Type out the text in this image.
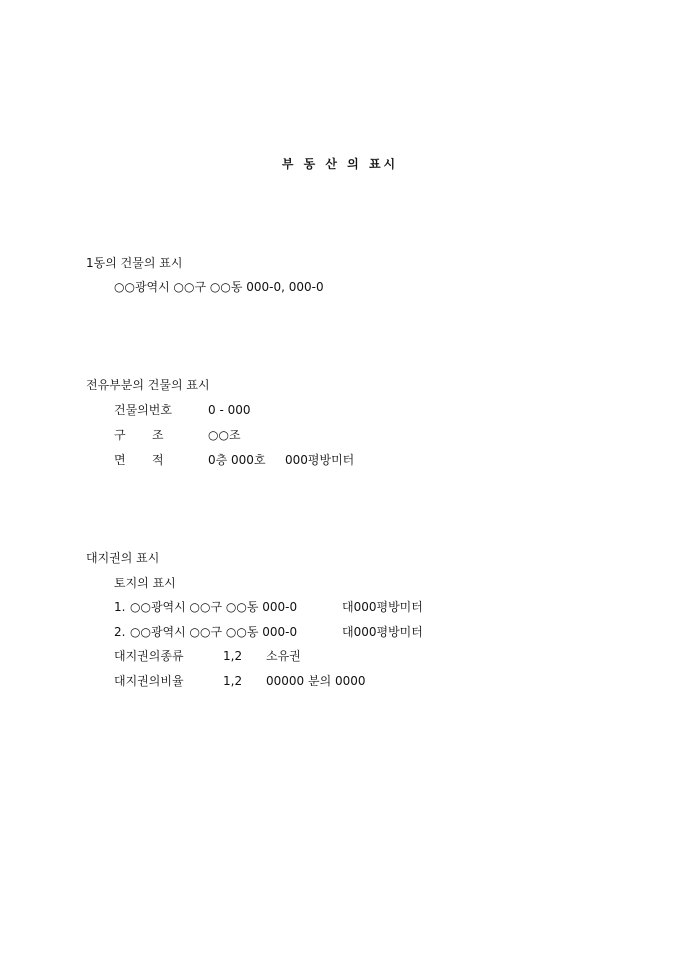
부 동 산 의 표시
1동의 건물의 표시
○○광역시 ○○구 ○○동 000-0, 000-0
전유부분의 건물의 표시
건물의번호	0 - 000
구 조	○○조
면 적	0층 000호 000평방미터
대지권의 표시
토지의 표시
1. ○○광역시 ○○구 ○○동 000-0	대000평방미터
2. ○○광역시 ○○구 ○○동 000-0	대000평방미터
대지권의종류	1,2 소유권
대지권의비율	1,2 00000 분의 0000
